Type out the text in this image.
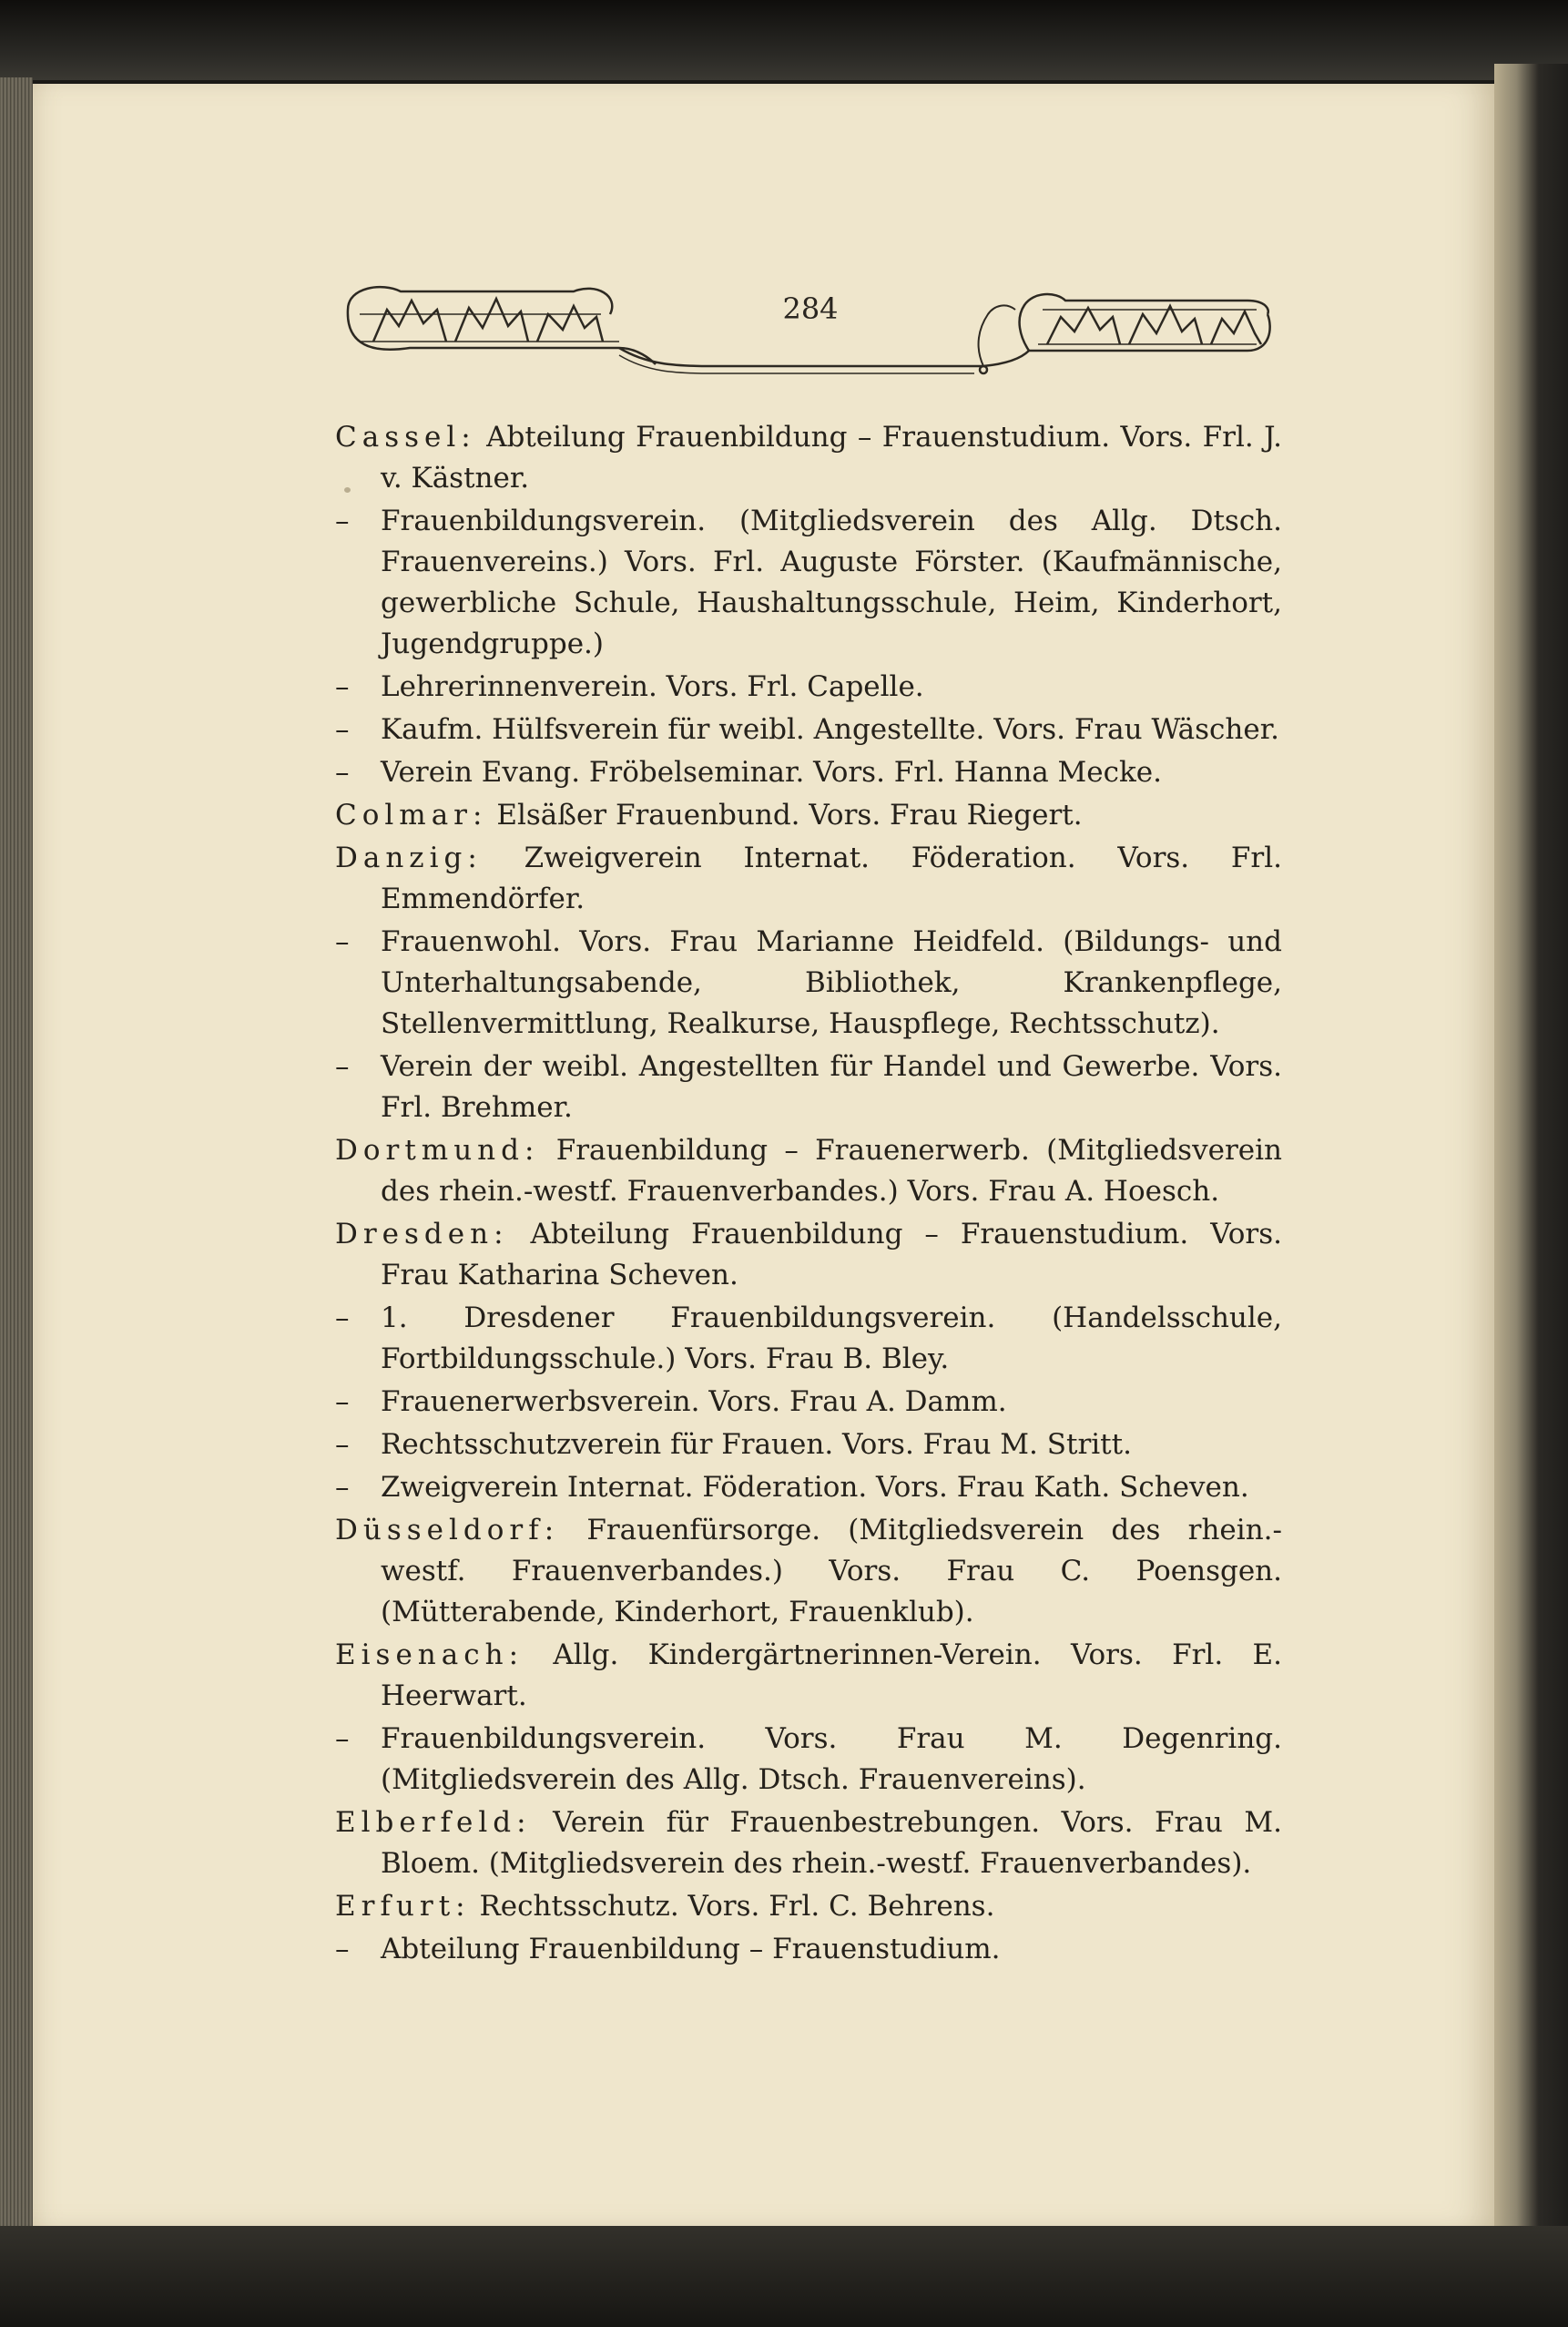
284

Cassel: Abteilung Frauenbildung – Frauenstudium. Vors. Frl. J. v. Kästner.

– Frauenbildungsverein. (Mitgliedsverein des Allg. Dtsch. Frauenvereins.) Vors. Frl. Auguste Förster. (Kaufmännische, gewerbliche Schule, Haushaltungsschule, Heim, Kinderhort, Jugendgruppe.)

– Lehrerinnenverein. Vors. Frl. Capelle.

– Kaufm. Hülfsverein für weibl. Angestellte. Vors. Frau Wäscher.

– Verein Evang. Fröbelseminar. Vors. Frl. Hanna Mecke.

Colmar: Elsäßer Frauenbund. Vors. Frau Riegert.

Danzig: Zweigverein Internat. Föderation. Vors. Frl. Emmendörfer.

– Frauenwohl. Vors. Frau Marianne Heidfeld. (Bildungs- und Unterhaltungsabende, Bibliothek, Krankenpflege, Stellenvermittlung, Realkurse, Hauspflege, Rechtsschutz).

– Verein der weibl. Angestellten für Handel und Gewerbe. Vors. Frl. Brehmer.

Dortmund: Frauenbildung – Frauenerwerb. (Mitgliedsverein des rhein.-westf. Frauenverbandes.) Vors. Frau A. Hoesch.

Dresden: Abteilung Frauenbildung – Frauenstudium. Vors. Frau Katharina Scheven.

– 1. Dresdener Frauenbildungsverein. (Handelsschule, Fortbildungsschule.) Vors. Frau B. Bley.

– Frauenerwerbsverein. Vors. Frau A. Damm.

– Rechtsschutzverein für Frauen. Vors. Frau M. Stritt.

– Zweigverein Internat. Föderation. Vors. Frau Kath. Scheven.

Düsseldorf: Frauenfürsorge. (Mitgliedsverein des rhein.-westf. Frauenverbandes.) Vors. Frau C. Poensgen. (Mütterabende, Kinderhort, Frauenklub).

Eisenach: Allg. Kindergärtnerinnen-Verein. Vors. Frl. E. Heerwart.

– Frauenbildungsverein. Vors. Frau M. Degenring. (Mitgliedsverein des Allg. Dtsch. Frauenvereins).

Elberfeld: Verein für Frauenbestrebungen. Vors. Frau M. Bloem. (Mitgliedsverein des rhein.-westf. Frauenverbandes).

Erfurt: Rechtsschutz. Vors. Frl. C. Behrens.

– Abteilung Frauenbildung – Frauenstudium.
